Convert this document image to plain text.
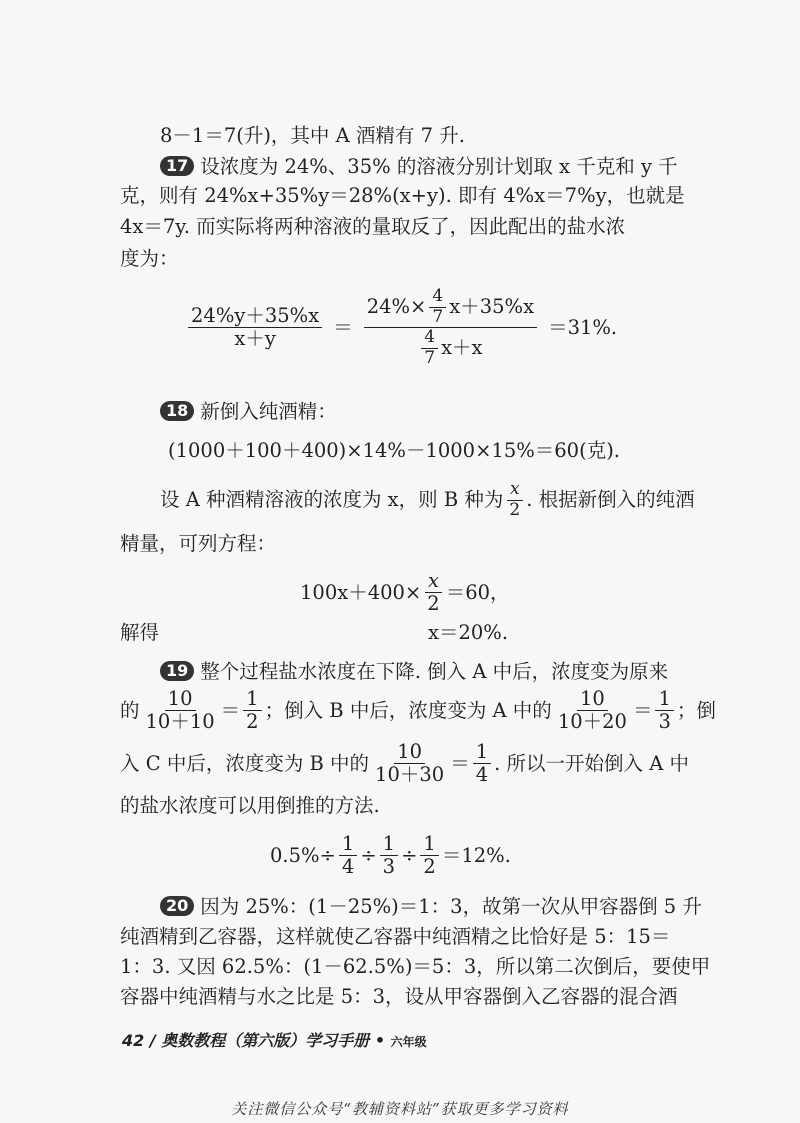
8－1＝7(升)，其中 A 酒精有 7 升.
17 设浓度为 24%、35% 的溶液分别计划取 x 千克和 y 千
克，则有 24%x+35%y＝28%(x+y). 即有 4%x＝7%y，也就是
4x＝7y. 而实际将两种溶液的量取反了，因此配出的盐水浓
度为：
$\frac{24\%y+35\%x}{x+y} = \frac{24\%\times \frac{4}{7} x+35\%x}{\frac{4}{7} x+x} =31\%$.
18 新倒入纯酒精：
(1000＋100＋400)×14%－1000×15%＝60(克).
设 A 种酒精溶液的浓度为 x，则 B 种为 $\frac{x}{2}$ . 根据新倒入的纯酒
精量，可列方程：
$100x+400\times \frac{x}{2} =60$，
解得	x＝20%.
19 整个过程盐水浓度在下降. 倒入 A 中后，浓度变为原来
的 $\frac{10}{10+10} = \frac{1}{2}$ ；倒入 B 中后，浓度变为 A 中的 $\frac{10}{10+20} = \frac{1}{3}$ ；倒
入 C 中后，浓度变为 B 中的 $\frac{10}{10+30} = \frac{1}{4}$ . 所以一开始倒入 A 中
的盐水浓度可以用倒推的方法.
$0.5\%\div \frac{1}{4} \div \frac{1}{3} \div \frac{1}{2} =12\%$.
20 因为 25%：(1－25%)＝1：3，故第一次从甲容器倒 5 升
纯酒精到乙容器，这样就使乙容器中纯酒精之比恰好是 5：15＝
1：3. 又因 62.5%：(1－62.5%)＝5：3，所以第二次倒后，要使甲
容器中纯酒精与水之比是 5：3，设从甲容器倒入乙容器的混合酒
42 / 奥数教程（第六版）学习手册 • 六年级
关注微信公众号“教辅资料站”获取更多学习资料
